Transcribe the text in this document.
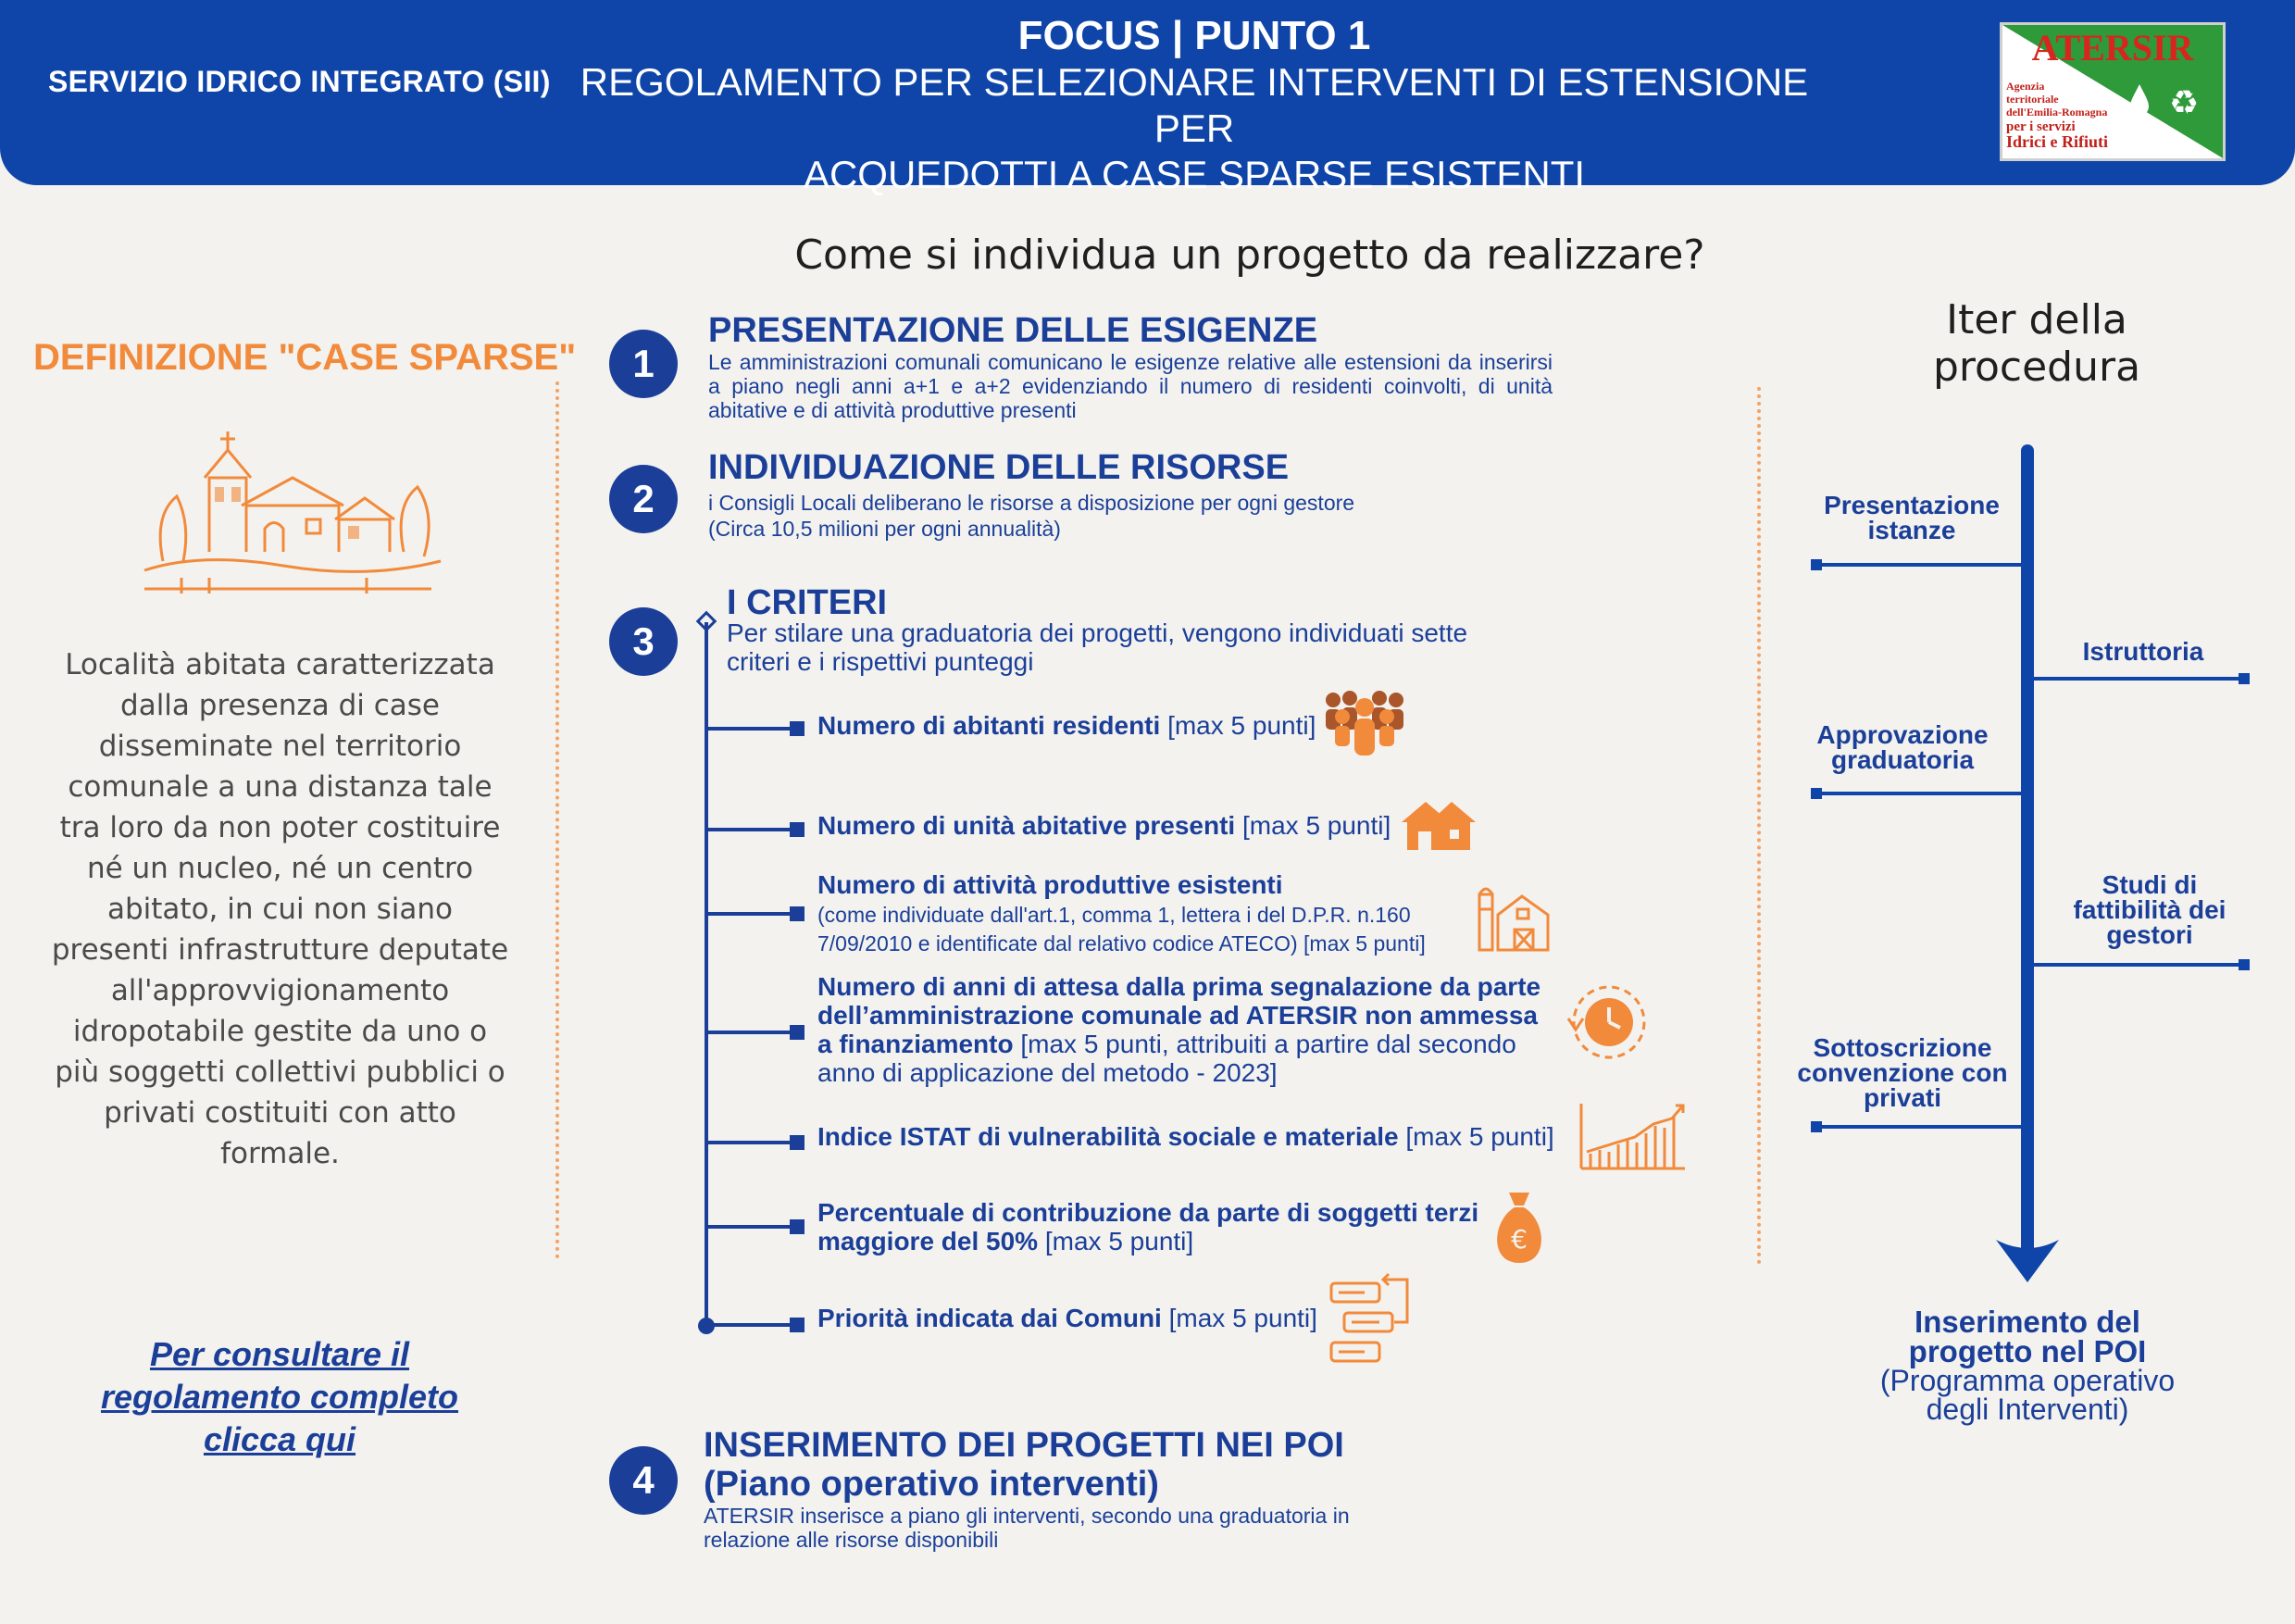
SERVIZIO IDRICO INTEGRATO (SII)
FOCUS | PUNTO 1
REGOLAMENTO PER SELEZIONARE INTERVENTI DI ESTENSIONE PER
ACQUEDOTTI A CASE SPARSE ESISTENTI
ATERSIR
Agenzia
territoriale
dell'Emilia-Romagna
per i servizi
Idrici e Rifiuti
♻
Come si individua un progetto da realizzare?
DEFINIZIONE "CASE SPARSE"
Località abitata caratterizzata dalla presenza di case disseminate nel territorio comunale a una distanza tale tra loro da non poter costituire né un nucleo, né un centro abitato, in cui non siano presenti infrastrutture deputate all'approvvigionamento idropotabile gestite da uno o più soggetti collettivi pubblici o privati costituiti con atto formale.
Per consultare il regolamento completo clicca qui
1
PRESENTAZIONE DELLE ESIGENZE
Le amministrazioni comunali comunicano le esigenze relative alle estensioni da inserirsi a piano negli anni a+1 e a+2 evidenziando il numero di residenti coinvolti, di unità abitative e di attività produttive presenti
2
INDIVIDUAZIONE DELLE RISORSE
i Consigli Locali deliberano le risorse a disposizione per ogni gestore
(Circa 10,5 milioni per ogni annualità)
3
I CRITERI
Per stilare una graduatoria dei progetti, vengono individuati sette criteri e i rispettivi punteggi
Numero di abitanti residenti [max 5 punti]
Numero di unità abitative presenti [max 5 punti]
Numero di attività produttive esistenti
(come individuate dall'art.1, comma 1, lettera i del D.P.R. n.160 7/09/2010 e identificate dal relativo codice ATECO) [max 5 punti]
Numero di anni di attesa dalla prima segnalazione da parte dell’amministrazione comunale ad ATERSIR non ammessa a finanziamento [max 5 punti, attribuiti a partire dal secondo anno di applicazione del metodo - 2023]
Indice ISTAT di vulnerabilità sociale e materiale [max 5 punti]
Percentuale di contribuzione da parte di soggetti terzi maggiore del 50% [max 5 punti]	€
Priorità indicata dai Comuni [max 5 punti]
4
INSERIMENTO DEI PROGETTI NEI POI
(Piano operativo interventi)
ATERSIR inserisce a piano gli interventi, secondo una graduatoria in relazione alle risorse disponibili
Iter della procedura
Presentazione istanze
Istruttoria
Approvazione graduatoria
Studi di fattibilità dei gestori
Sottoscrizione convenzione con privati
Inserimento del progetto nel POI
(Programma operativo degli Interventi)
